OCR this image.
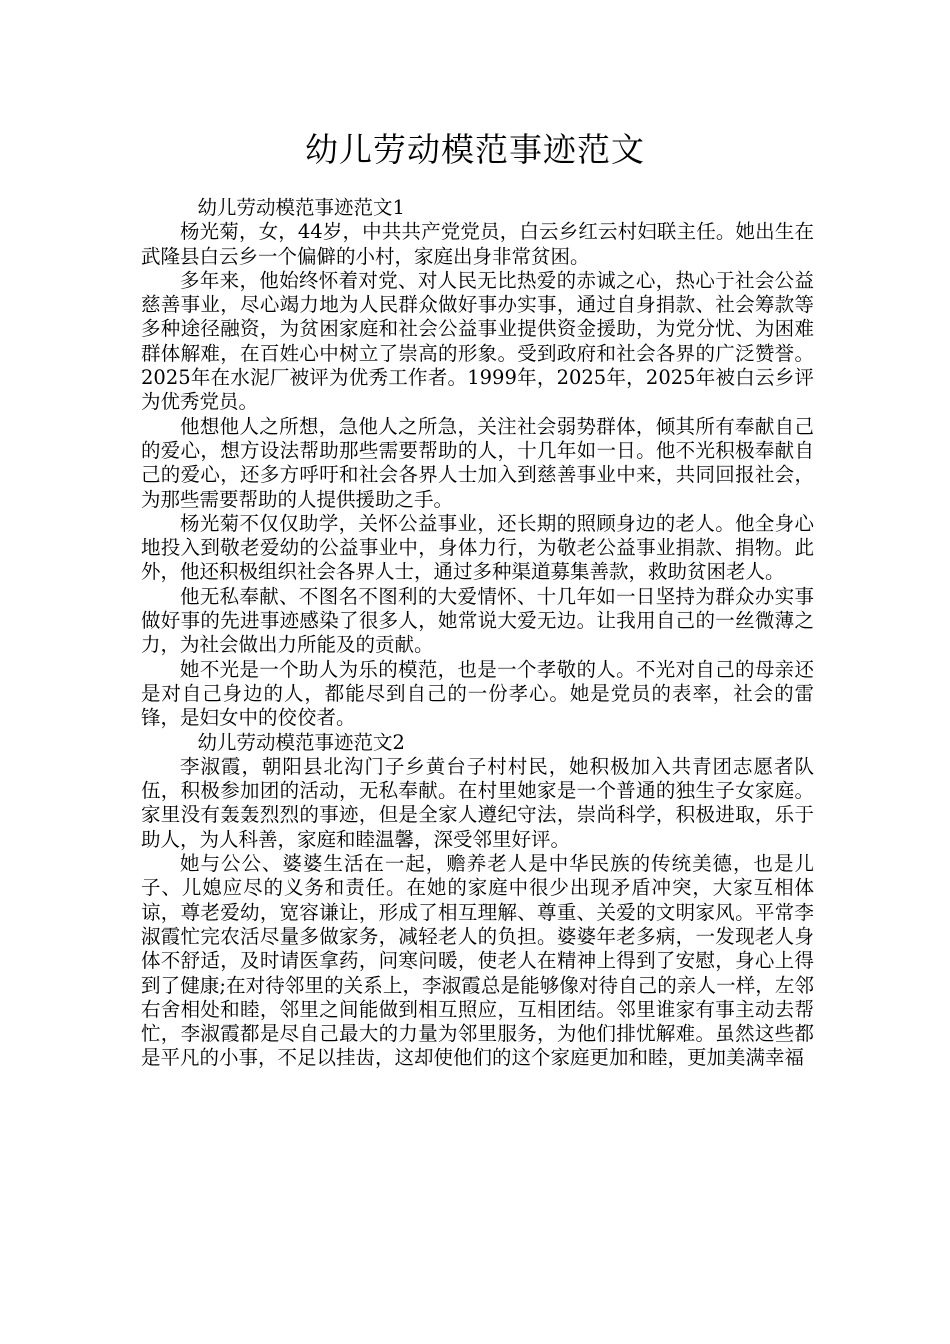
幼儿劳动模范事迹范文

幼儿劳动模范事迹范文1

杨光菊，女，44岁，中共共产党党员，白云乡红云村妇联主任。她出生在武隆县白云乡一个偏僻的小村，家庭出身非常贫困。

多年来，他始终怀着对党、对人民无比热爱的赤诚之心，热心于社会公益慈善事业，尽心竭力地为人民群众做好事办实事，通过自身捐款、社会筹款等多种途径融资，为贫困家庭和社会公益事业提供资金援助，为党分忧、为困难群体解难，在百姓心中树立了崇高的形象。受到政府和社会各界的广泛赞誉。2025年在水泥厂被评为优秀工作者。1999年，2025年，2025年被白云乡评为优秀党员。

他想他人之所想，急他人之所急，关注社会弱势群体，倾其所有奉献自己的爱心，想方设法帮助那些需要帮助的人，十几年如一日。他不光积极奉献自己的爱心，还多方呼吁和社会各界人士加入到慈善事业中来，共同回报社会，为那些需要帮助的人提供援助之手。

杨光菊不仅仅助学，关怀公益事业，还长期的照顾身边的老人。他全身心地投入到敬老爱幼的公益事业中，身体力行，为敬老公益事业捐款、捐物。此外，他还积极组织社会各界人士，通过多种渠道募集善款，救助贫困老人。

他无私奉献、不图名不图利的大爱情怀、十几年如一日坚持为群众办实事做好事的先进事迹感染了很多人，她常说大爱无边。让我用自己的一丝微薄之力，为社会做出力所能及的贡献。

她不光是一个助人为乐的模范，也是一个孝敬的人。不光对自己的母亲还是对自己身边的人，都能尽到自己的一份孝心。她是党员的表率，社会的雷锋，是妇女中的佼佼者。

幼儿劳动模范事迹范文2

李淑霞，朝阳县北沟门子乡黄台子村村民，她积极加入共青团志愿者队伍，积极参加团的活动，无私奉献。在村里她家是一个普通的独生子女家庭。家里没有轰轰烈烈的事迹，但是全家人遵纪守法，崇尚科学，积极进取，乐于助人，为人科善，家庭和睦温馨，深受邻里好评。

她与公公、婆婆生活在一起，赡养老人是中华民族的传统美德，也是儿子、儿媳应尽的义务和责任。在她的家庭中很少出现矛盾冲突，大家互相体谅，尊老爱幼，宽容谦让，形成了相互理解、尊重、关爱的文明家风。平常李淑霞忙完农活尽量多做家务，减轻老人的负担。婆婆年老多病，一发现老人身体不舒适，及时请医拿药，问寒问暖，使老人在精神上得到了安慰，身心上得到了健康;在对待邻里的关系上，李淑霞总是能够像对待自己的亲人一样，左邻右舍相处和睦，邻里之间能做到相互照应，互相团结。邻里谁家有事主动去帮忙，李淑霞都是尽自己最大的力量为邻里服务，为他们排忧解难。虽然这些都是平凡的小事，不足以挂齿，这却使他们的这个家庭更加和睦，更加美满幸福
